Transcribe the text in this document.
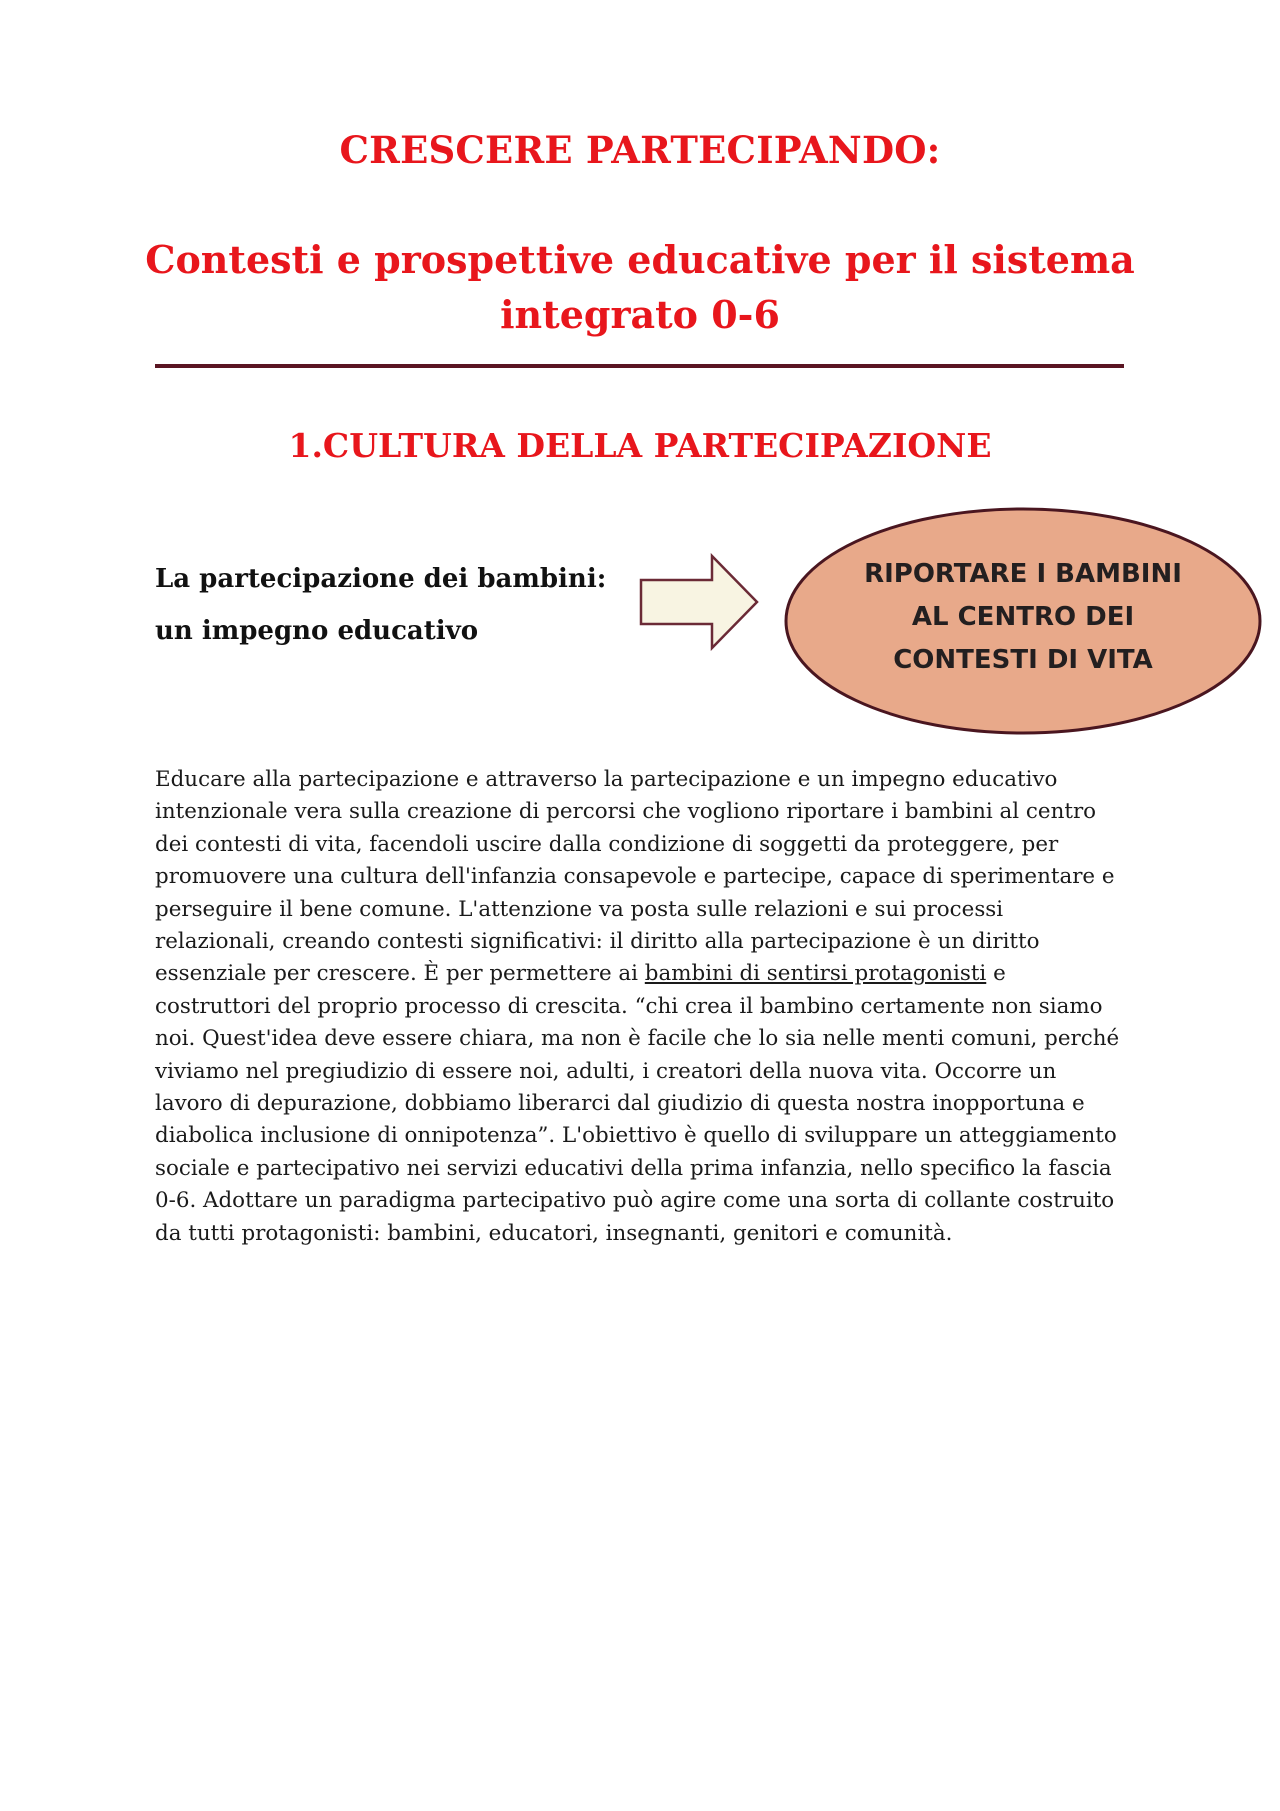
CRESCERE PARTECIPANDO:
Contesti e prospettive educative per il sistema
integrato 0-6
1.CULTURA DELLA PARTECIPAZIONE
La partecipazione dei bambini:
un impegno educativo
RIPORTARE I BAMBINI
AL CENTRO DEI
CONTESTI DI VITA
Educare alla partecipazione e attraverso la partecipazione e un impegno educativo
intenzionale vera sulla creazione di percorsi che vogliono riportare i bambini al centro
dei contesti di vita, facendoli uscire dalla condizione di soggetti da proteggere, per
promuovere una cultura dell'infanzia consapevole e partecipe, capace di sperimentare e
perseguire il bene comune. L'attenzione va posta sulle relazioni e sui processi
relazionali, creando contesti significativi: il diritto alla partecipazione è un diritto
essenziale per crescere. È per permettere ai bambini di sentirsi protagonisti e
costruttori del proprio processo di crescita. “chi crea il bambino certamente non siamo
noi. Quest'idea deve essere chiara, ma non è facile che lo sia nelle menti comuni, perché
viviamo nel pregiudizio di essere noi, adulti, i creatori della nuova vita. Occorre un
lavoro di depurazione, dobbiamo liberarci dal giudizio di questa nostra inopportuna e
diabolica inclusione di onnipotenza”. L'obiettivo è quello di sviluppare un atteggiamento
sociale e partecipativo nei servizi educativi della prima infanzia, nello specifico la fascia
0-6. Adottare un paradigma partecipativo può agire come una sorta di collante costruito
da tutti protagonisti: bambini, educatori, insegnanti, genitori e comunità.
